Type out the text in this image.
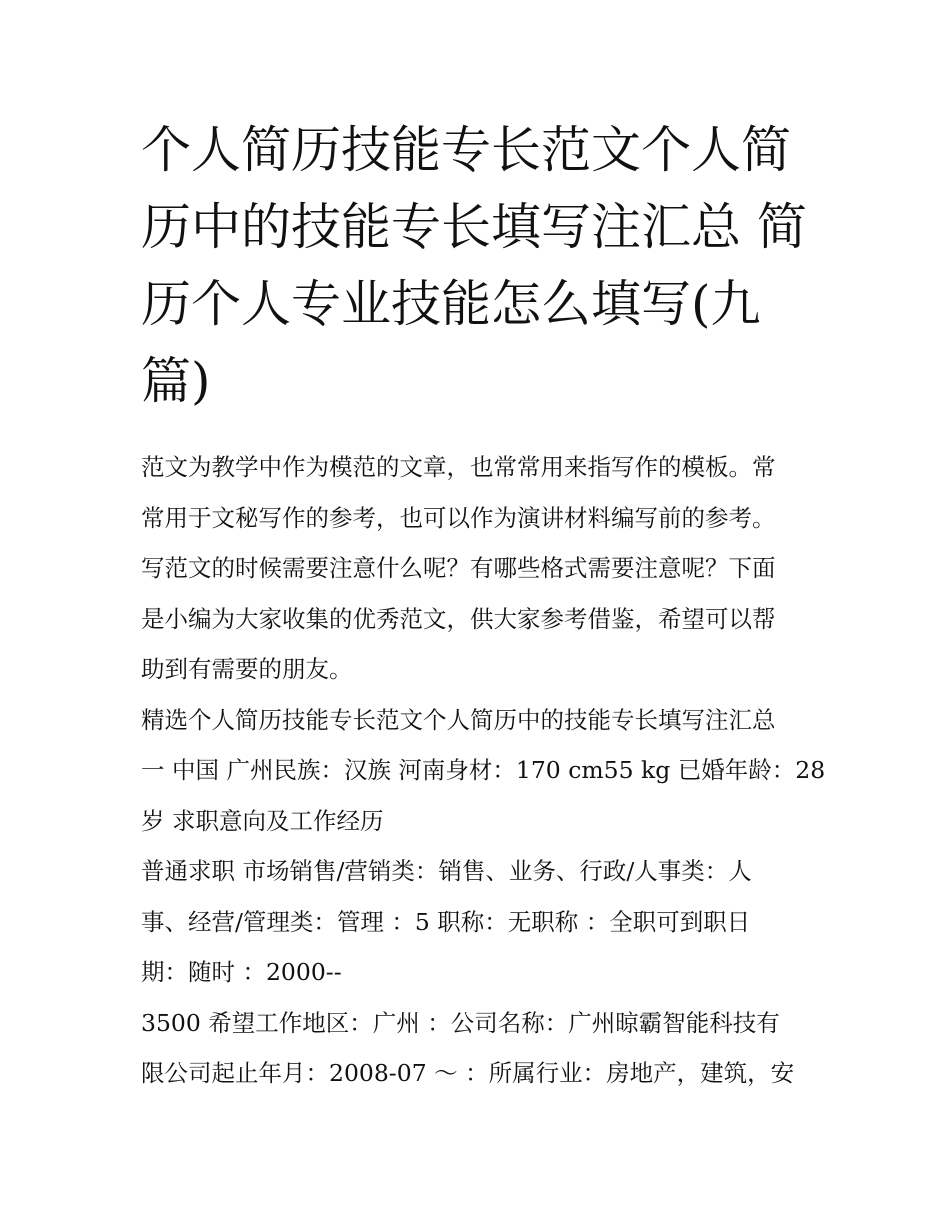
个人简历技能专长范文个人简
历中的技能专长填写注汇总 简
历个人专业技能怎么填写(九
篇)

范文为教学中作为模范的文章，也常常用来指写作的模板。常
常用于文秘写作的参考，也可以作为演讲材料编写前的参考。
写范文的时候需要注意什么呢？有哪些格式需要注意呢？下面
是小编为大家收集的优秀范文，供大家参考借鉴，希望可以帮
助到有需要的朋友。

精选个人简历技能专长范文个人简历中的技能专长填写注汇总
一 中国 广州民族：汉族 河南身材：170 cm55 kg 已婚年龄：28
岁 求职意向及工作经历

普通求职 市场销售/营销类：销售、业务、行政/人事类：人
事、经营/管理类：管理 ：5 职称：无职称 ：全职可到职日
期：随时 ：2000--

3500 希望工作地区：广州 ：公司名称：广州晾霸智能科技有
限公司起止年月：2008-07 ～ ：所属行业：房地产，建筑，安
